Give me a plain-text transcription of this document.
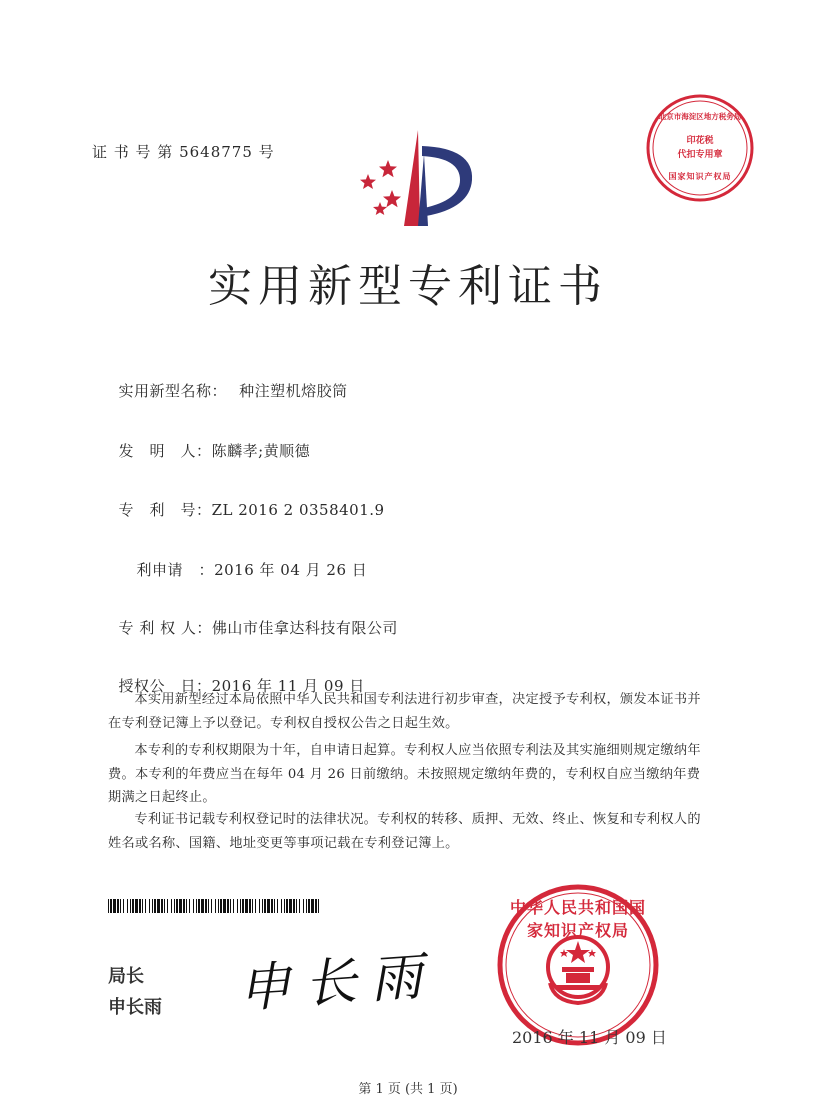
证 书 号 第 5648775 号
北京市海淀区地方税务局
印花税
代扣专用章
国家知识产权局
实用新型专利证书

实用新型名称： 种注塑机熔胶筒

发　明　人：陈麟孝;黄顺德

专　利　号：ZL 2016 2 0358401.9

利申请　：2016 年 04 月 26 日

专 利 权 人：佛山市佳拿达科技有限公司

授权公　日：2016 年 11 月 09 日

本实用新型经过本局依照中华人民共和国专利法进行初步审查，决定授予专利权，颁发本证书并在专利登记簿上予以登记。专利权自授权公告之日起生效。

本专利的专利权期限为十年，自申请日起算。专利权人应当依照专利法及其实施细则规定缴纳年费。本专利的年费应当在每年 04 月 26 日前缴纳。未按照规定缴纳年费的，专利权自应当缴纳年费期满之日起终止。

专利证书记载专利权登记时的法律状况。专利权的转移、质押、无效、终止、恢复和专利权人的姓名或名称、国籍、地址变更等事项记载在专利登记簿上。

局长
申长雨 申长雨
中华人民共和国国家知识产权局
2016 年 11 月 09 日
第 1 页 (共 1 页)
